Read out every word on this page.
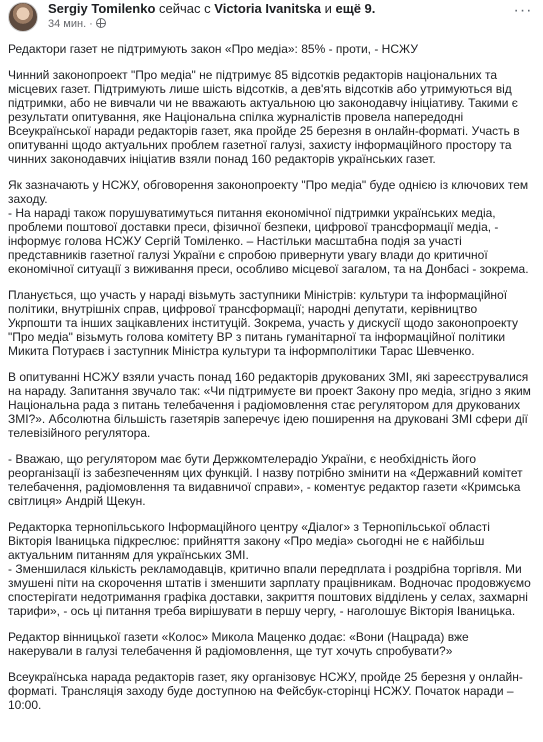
Sergiy Tomilenko сейчас с Victoria Ivanitska и ещё 9.
34 мин. ·
···

Редактори газет не підтримують закон «Про медіа»: 85% - проти, - НСЖУ

Чинний законопроект "Про медіа" не підтримує 85 відсотків редакторів національних та місцевих газет. Підтримують лише шість відсотків, а дев'ять відсотків або утримуються від підтримки, або не вивчали чи не вважають актуальною цю законодавчу ініціативу. Такими є результати опитування, яке Національна спілка журналістів провела напередодні Всеукраїнської наради редакторів газет, яка пройде 25 березня в онлайн-форматі. Участь в опитуванні щодо актуальних проблем газетної галузі, захисту інформаційного простору та чинних законодавчих ініціатив взяли понад 160 редакторів українських газет.

Як зазначають у НСЖУ, обговорення законопроекту "Про медіа" буде однією із ключових тем заходу.
- На нараді також порушуватимуться питання економічної підтримки українських медіа, проблеми поштової доставки преси, фізичної безпеки, цифрової трансформації медіа, - інформує голова НСЖУ Сергій Томіленко. – Настільки масштабна подія за участі представників газетної галузі України є спробою привернути увагу влади до критичної економічної ситуації з виживання преси, особливо місцевої загалом, та на Донбасі - зокрема.

Планується, що участь у нараді візьмуть заступники Міністрів: культури та інформаційної політики, внутрішніх справ, цифрової трансформації; народні депутати, керівництво Укрпошти та інших зацікавлених інституцій. Зокрема, участь у дискусії щодо законопроекту "Про медіа" візьмуть голова комітету ВР з питань гуманітарної та інформаційної політики Микита Потураєв і заступник Міністра культури та інформполітики Тарас Шевченко.

В опитуванні НСЖУ взяли участь понад 160 редакторів друкованих ЗМІ, які зареєструвалися на нараду. Запитання звучало так: «Чи підтримуєте ви проект Закону про медіа, згідно з яким Національна рада з питань телебачення і радіомовлення стає регулятором для друкованих ЗМІ?». Абсолютна більшість газетярів заперечує ідею поширення на друковані ЗМІ сфери дії телевізійного регулятора.

- Вважаю, що регулятором має бути Держкомтелерадіо України, є необхідність його реорганізації із забезпеченням цих функцій. І назву потрібно змінити на «Державний комітет телебачення, радіомовлення та видавничої справи», - коментує редактор газети «Кримська світлиця» Андрій Щекун.

Редакторка тернопільського Інформаційного центру «Діалог» з Тернопільської області Вікторія Іваницька підкреслює: прийняття закону «Про медіа» сьогодні не є найбільш актуальним питанням для українських ЗМІ.
- Зменшилася кількість рекламодавців, критично впали передплата і роздрібна торгівля. Ми змушені піти на скорочення штатів і зменшити зарплату працівникам. Водночас продовжуємо спостерігати недотримання графіка доставки, закриття поштових відділень у селах, захмарні тарифи», - ось ці питання треба вирішувати в першу чергу, - наголошує Вікторія Іваницька.

Редактор вінницької газети «Колос» Микола Маценко додає: «Вони (Нацрада) вже накерували в галузі телебачення й радіомовлення, ще тут хочуть спробувати?»

Всеукраїнська нарада редакторів газет, яку організовує НСЖУ, пройде 25 березня у онлайн-форматі. Трансляція заходу буде доступною на Фейсбук-сторінці НСЖУ. Початок наради – 10:00.
